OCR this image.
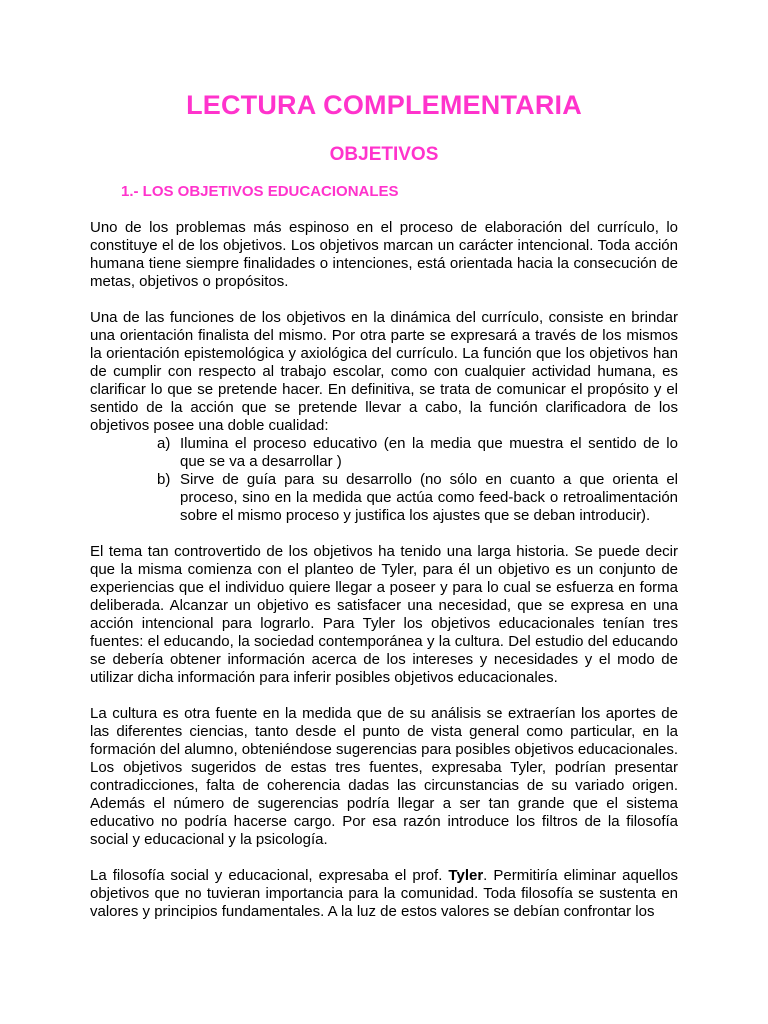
LECTURA COMPLEMENTARIA
OBJETIVOS
1.- LOS OBJETIVOS EDUCACIONALES

Uno de los problemas más espinoso en el proceso de elaboración del currículo, lo constituye el de los objetivos. Los objetivos marcan un carácter intencional. Toda acción humana tiene siempre finalidades o intenciones, está orientada hacia la consecución de metas, objetivos o propósitos.

Una de las funciones de los objetivos en la dinámica del currículo, consiste en brindar una orientación finalista del mismo. Por otra parte se expresará a través de los mismos la orientación epistemológica y axiológica del currículo. La función que los objetivos han de cumplir con respecto al trabajo escolar, como con cualquier actividad humana, es clarificar lo que se pretende hacer. En definitiva, se trata de comunicar el propósito y el sentido de la acción que se pretende llevar a cabo, la función clarificadora de los objetivos posee una doble cualidad:

a) Ilumina el proceso educativo (en la media que muestra el sentido de lo que se va a desarrollar )
b) Sirve de guía para su desarrollo (no sólo en cuanto a que orienta el proceso, sino en la medida que actúa como feed-back o retroalimentación sobre el mismo proceso y justifica los ajustes que se deban introducir).

El tema tan controvertido de los objetivos ha tenido una larga historia. Se puede decir que la misma comienza con el planteo de Tyler, para él un objetivo es un conjunto de experiencias que el individuo quiere llegar a poseer y para lo cual se esfuerza en forma deliberada. Alcanzar un objetivo es satisfacer una necesidad, que se expresa en una acción intencional para lograrlo. Para Tyler los objetivos educacionales tenían tres fuentes: el educando, la sociedad contemporánea y la cultura. Del estudio del educando se debería obtener información acerca de los intereses y necesidades y el modo de utilizar dicha información para inferir posibles objetivos educacionales.

La cultura es otra fuente en la medida que de su análisis se extraerían los aportes de las diferentes ciencias, tanto desde el punto de vista general como particular, en la formación del alumno, obteniéndose sugerencias para posibles objetivos educacionales. Los objetivos sugeridos de estas tres fuentes, expresaba Tyler, podrían presentar contradicciones, falta de coherencia dadas las circunstancias de su variado origen. Además el número de sugerencias podría llegar a ser tan grande que el sistema educativo no podría hacerse cargo. Por esa razón introduce los filtros de la filosofía social y educacional y la psicología.

La filosofía social y educacional, expresaba el prof. Tyler. Permitiría eliminar aquellos objetivos que no tuvieran importancia para la comunidad. Toda filosofía se sustenta en valores y principios fundamentales. A la luz de estos valores se debían confrontar los
